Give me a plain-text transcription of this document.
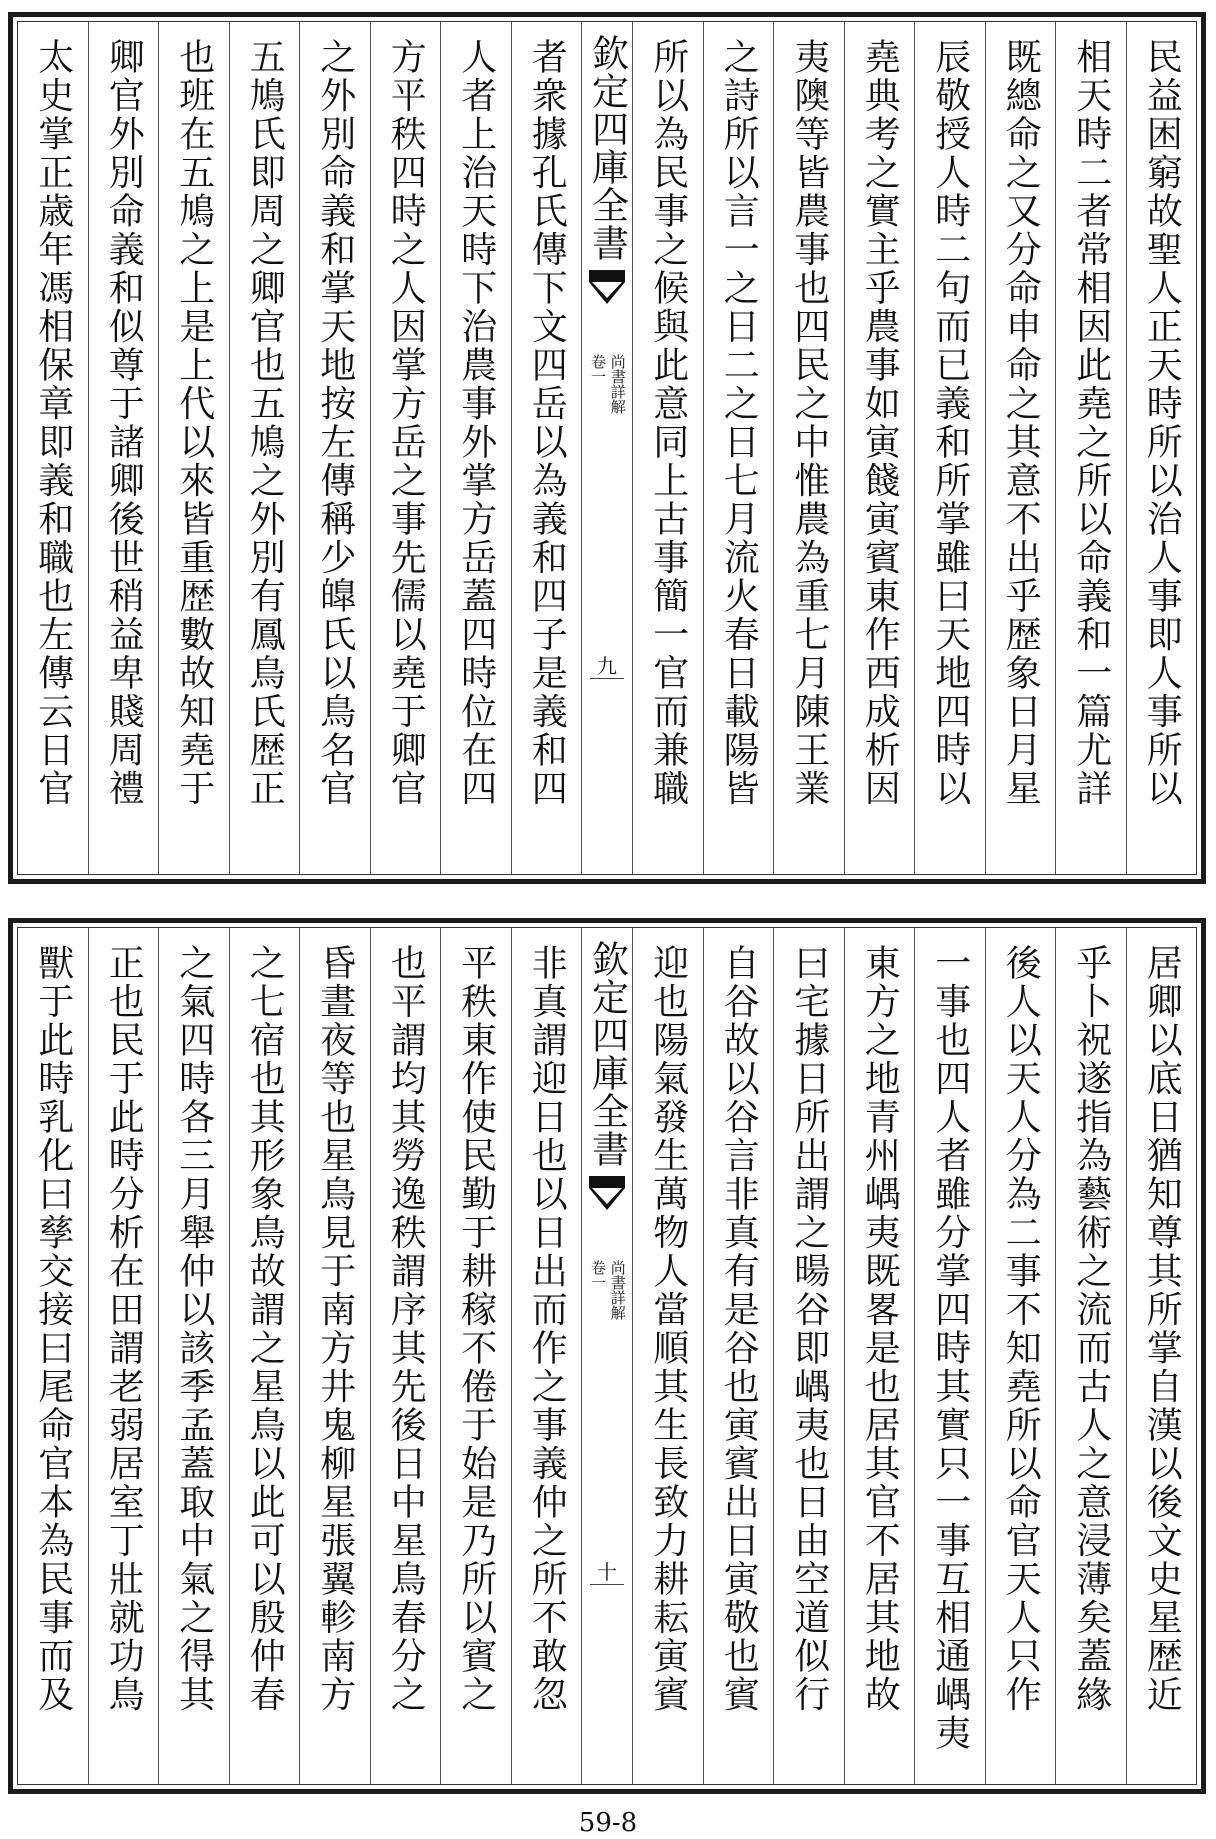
民益困窮故聖人正天時所以治人事即人事所以
相天時二者常相因此堯之所以命義和一篇尤詳
既總命之又分命申命之其意不出乎歴象日月星
辰敬授人時二句而已義和所掌雖曰天地四時以
堯典考之實主乎農事如寅餞寅賓東作西成析因
夷隩等皆農事也四民之中惟農為重七月陳王業
之詩所以言一之日二之日七月流火春日載陽皆
所以為民事之候與此意同上古事簡一官而兼職
欽定四庫全書
尚書詳解
卷一
九
者衆據孔氏傳下文四岳以為義和四子是義和四
人者上治天時下治農事外掌方岳蓋四時位在四
方平秩四時之人因掌方岳之事先儒以堯于卿官
之外別命義和掌天地按左傳稱少皥氏以鳥名官
五鳩氏即周之卿官也五鳩之外別有鳳鳥氏歴正
也班在五鳩之上是上代以來皆重歴數故知堯于
卿官外別命義和似尊于諸卿後世稍益卑賤周禮
太史掌正歳年馮相保章即義和職也左傳云日官
居卿以底日猶知尊其所掌自漢以後文史星歴近
乎卜祝遂指為藝術之流而古人之意浸薄矣蓋緣
後人以天人分為二事不知堯所以命官天人只作
一事也四人者雖分掌四時其實只一事互相通嵎夷
東方之地青州嵎夷既畧是也居其官不居其地故
曰宅據日所出謂之暘谷即嵎夷也日由空道似行
自谷故以谷言非真有是谷也寅賓出日寅敬也賓
迎也陽氣發生萬物人當順其生長致力耕耘寅賓
欽定四庫全書
尚書詳解
卷一
十
非真謂迎日也以日出而作之事義仲之所不敢忽
平秩東作使民勤于耕稼不倦于始是乃所以賓之
也平謂均其勞逸秩謂序其先後日中星鳥春分之
昏晝夜等也星鳥見于南方井鬼柳星張翼軫南方
之七宿也其形象鳥故謂之星鳥以此可以殷仲春
之氣四時各三月舉仲以該季孟蓋取中氣之得其
正也民于此時分析在田謂老弱居室丁壯就功鳥
獸于此時乳化曰孳交接曰尾命官本為民事而及
59-8
